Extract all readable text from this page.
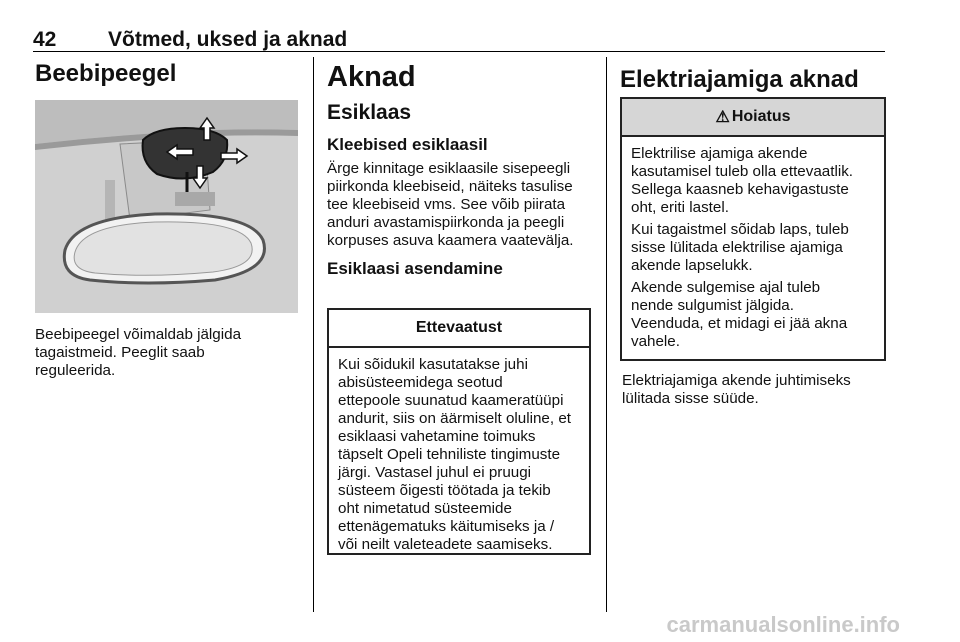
42 Võtmed, uksed ja aknad
Beebipeegel
Beebipeegel võimaldab jälgida
tagaistmeid. Peeglit saab
reguleerida.
Aknad
Esiklaas
Kleebised esiklaasil
Ärge kinnitage esiklaasile sisepeegli
piirkonda kleebiseid, näiteks tasulise
tee kleebiseid vms. See võib piirata
anduri avastamispiirkonda ja peegli
korpuses asuva kaamera vaatevälja.
Esiklaasi asendamine
Ettevaatust

Kui sõidukil kasutatakse juhi
abisüsteemidega seotud
ettepoole suunatud kaameratüüpi
andurit, siis on äärmiselt oluline, et
esiklaasi vahetamine toimuks
täpselt Opeli tehniliste tingimuste
järgi. Vastasel juhul ei pruugi
süsteem õigesti töötada ja tekib
oht nimetatud süsteemide
ettenägematuks käitumiseks ja /
või neilt valeteadete saamiseks.

Elektriajamiga aknad
⚠ Hoiatus

Elektrilise ajamiga akende
kasutamisel tuleb olla ettevaatlik.
Sellega kaasneb kehavigastuste
oht, eriti lastel.

Kui tagaistmel sõidab laps, tuleb
sisse lülitada elektrilise ajamiga
akende lapselukk.

Akende sulgemise ajal tuleb
nende sulgumist jälgida.
Veenduda, et midagi ei jää akna
vahele.

Elektriajamiga akende juhtimiseks
lülitada sisse süüde.
carmanualsonline.info
